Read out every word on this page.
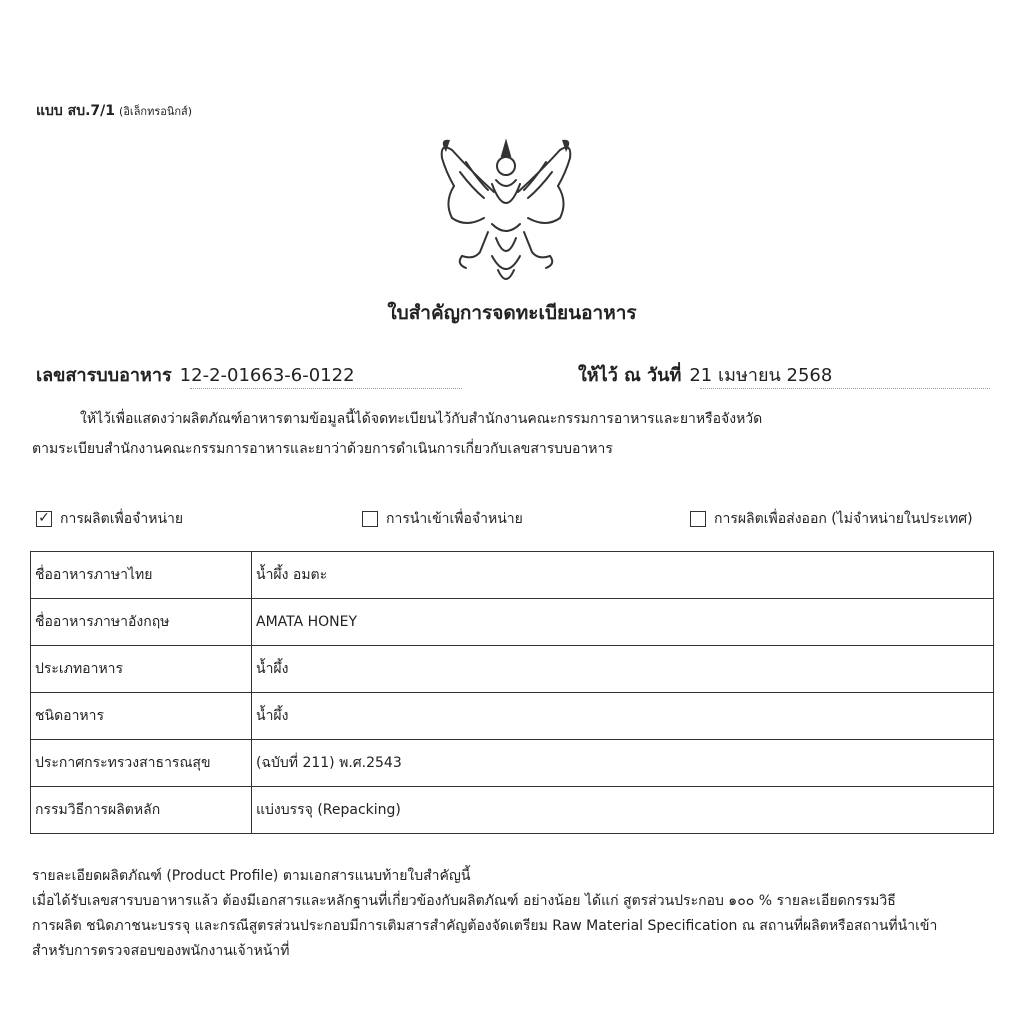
แบบ สบ.7/1 (อิเล็กทรอนิกส์)
ใบสำคัญการจดทะเบียนอาหาร
เลขสารบบอาหาร 12-2-01663-6-0122	ให้ไว้ ณ วันที่ 21 เมษายน 2568
ให้ไว้เพื่อแสดงว่าผลิตภัณฑ์อาหารตามข้อมูลนี้ได้จดทะเบียนไว้กับสำนักงานคณะกรรมการอาหารและยาหรือจังหวัด
ตามระเบียบสำนักงานคณะกรรมการอาหารและยาว่าด้วยการดำเนินการเกี่ยวกับเลขสารบบอาหาร
✓ การผลิตเพื่อจำหน่าย	การนำเข้าเพื่อจำหน่าย	การผลิตเพื่อส่งออก (ไม่จำหน่ายในประเทศ)
ชื่ออาหารภาษาไทย	น้ำผึ้ง อมตะ
ชื่ออาหารภาษาอังกฤษ	AMATA HONEY
ประเภทอาหาร	น้ำผึ้ง
ชนิดอาหาร	น้ำผึ้ง
ประกาศกระทรวงสาธารณสุข	(ฉบับที่ 211) พ.ศ.2543
กรรมวิธีการผลิตหลัก	แบ่งบรรจุ (Repacking)
รายละเอียดผลิตภัณฑ์ (Product Profile) ตามเอกสารแนบท้ายใบสำคัญนี้
เมื่อได้รับเลขสารบบอาหารแล้ว ต้องมีเอกสารและหลักฐานที่เกี่ยวข้องกับผลิตภัณฑ์ อย่างน้อย ได้แก่ สูตรส่วนประกอบ ๑๐๐ % รายละเอียดกรรมวิธี
การผลิต ชนิดภาชนะบรรจุ และกรณีสูตรส่วนประกอบมีการเติมสารสำคัญต้องจัดเตรียม Raw Material Specification ณ สถานที่ผลิตหรือสถานที่นำเข้า
สำหรับการตรวจสอบของพนักงานเจ้าหน้าที่
